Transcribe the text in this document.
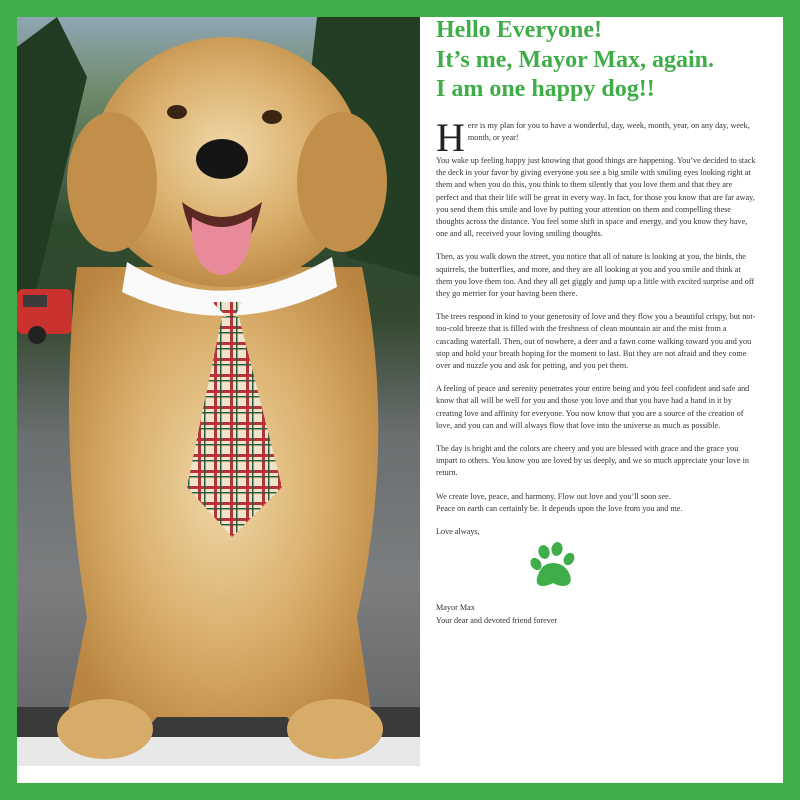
Hello Everyone!
It’s me, Mayor Max, again.
I am one happy dog!!

Here is my plan for you to have a wonderful, day, week, month, year, on any day, week, month, or year!

You wake up feeling happy just knowing that good things are happening. You’ve decided to stack the deck in your favor by giving everyone you see a big smile with smiling eyes looking right at them and when you do this, you think to them silently that you love them and that they are perfect and that their life will be great in every way. In fact, for those you know that are far away, you send them this smile and love by putting your attention on them and compelling these thoughts across the distance. You feel some shift in space and energy, and you know they have, one and all, received your loving smiling thoughts.

Then, as you walk down the street, you notice that all of nature is looking at you, the birds, the squirrels, the butterflies, and more, and they are all looking at you and you smile and think at them you love them too. And they all get giggly and jump up a little with excited surprise and off they go merrier for your having been there.

The trees respond in kind to your generosity of love and they flow you a beautiful crispy, but not-too-cold breeze that is filled with the freshness of clean mountain air and the mist from a cascading waterfall. Then, out of nowhere, a deer and a fawn come walking toward you and you stop and hold your breath hoping for the moment to last. But they are not afraid and they come over and nuzzle you and ask for petting, and you pet them.

A feeling of peace and serenity penetrates your entire being and you feel confident and safe and know that all will be well for you and those you love and that you have had a hand in it by creating love and affinity for everyone. You now know that you are a source of the creation of love, and you can and will always flow that love into the universe as much as possible.

The day is bright and the colors are cheery and you are blessed with grace and the grace you impart to others. You know you are loved by us deeply, and we so much appreciate your love in return.

We create love, peace, and harmony. Flow out love and you’ll soon see.
Peace on earth can certainly be. It depends upon the love from you and me.

Love always,

Mayor Max
Your dear and devoted friend forever
